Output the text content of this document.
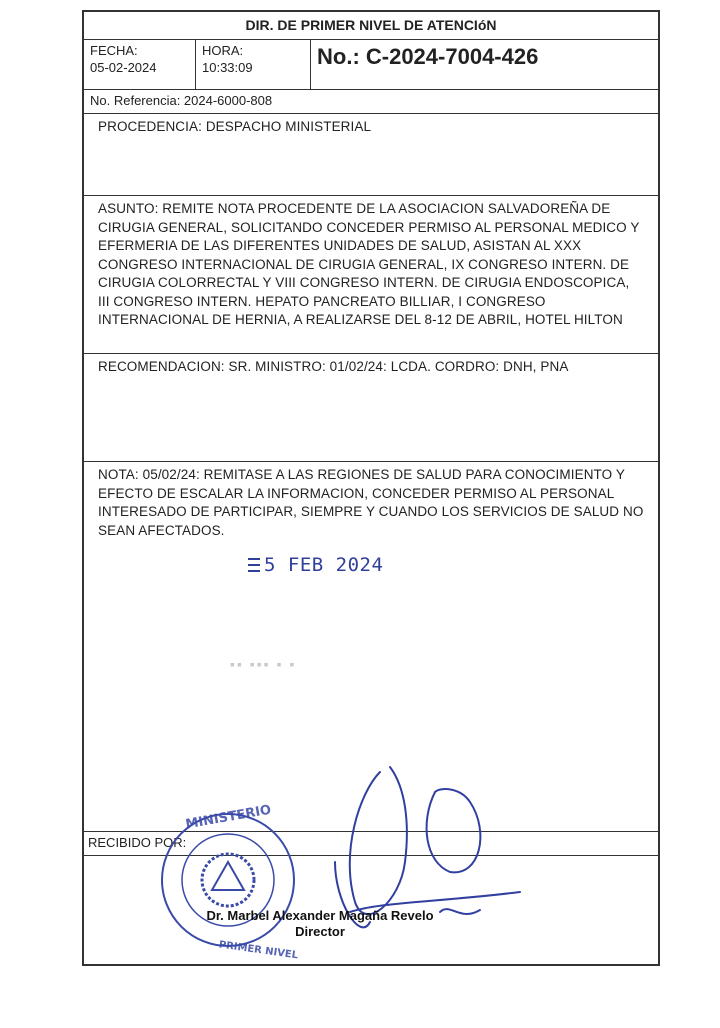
DIR. DE PRIMER NIVEL DE ATENCIóN
FECHA:
05-02-2024
HORA:
10:33:09	No.: C-2024-7004-426
No. Referencia: 2024-6000-808
PROCEDENCIA: DESPACHO MINISTERIAL
ASUNTO: REMITE NOTA PROCEDENTE DE LA ASOCIACION SALVADOREÑA DE CIRUGIA GENERAL, SOLICITANDO CONCEDER PERMISO AL PERSONAL MEDICO Y EFERMERIA DE LAS DIFERENTES UNIDADES DE SALUD, ASISTAN AL XXX CONGRESO INTERNACIONAL DE CIRUGIA GENERAL, IX CONGRESO INTERN. DE CIRUGIA COLORRECTAL Y VIII CONGRESO INTERN. DE CIRUGIA ENDOSCOPICA, III CONGRESO INTERN. HEPATO PANCREATO BILLIAR, I CONGRESO INTERNACIONAL DE HERNIA, A REALIZARSE DEL 8-12 DE ABRIL, HOTEL HILTON
RECOMENDACION: SR. MINISTRO: 01/02/24: LCDA. CORDRO: DNH, PNA
NOTA: 05/02/24: REMITASE A LAS REGIONES DE SALUD PARA CONOCIMIENTO Y EFECTO DE ESCALAR LA INFORMACION, CONCEDER PERMISO AL PERSONAL INTERESADO DE PARTICIPAR, SIEMPRE Y CUANDO LOS SERVICIOS DE SALUD NO SEAN AFECTADOS.
RECIBIDO POR:
5 FEB 2024
▪▪ ▪▪▪ ▪ ▪
MINISTERIO
PRIMER NIVEL
Dr. Marbel Alexander Magaña Revelo
Director
